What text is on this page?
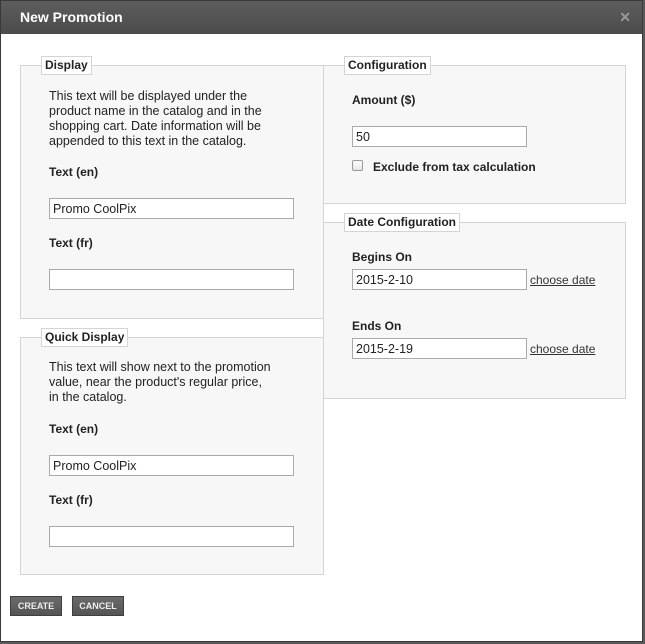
New Promotion	✕
Display
This text will be displayed under the
product name in the catalog and in the
shopping cart. Date information will be
appended to this text in the catalog.
Text (en)
Promo CoolPix
Text (fr)
Quick Display
This text will show next to the promotion
value, near the product's regular price,
in the catalog.
Text (en)
Promo CoolPix
Text (fr)
Configuration
Amount ($)
50
Exclude from tax calculation
Date Configuration
Begins On
2015-2-10
choose date
Ends On
2015-2-19
choose date
CREATE	CANCEL
